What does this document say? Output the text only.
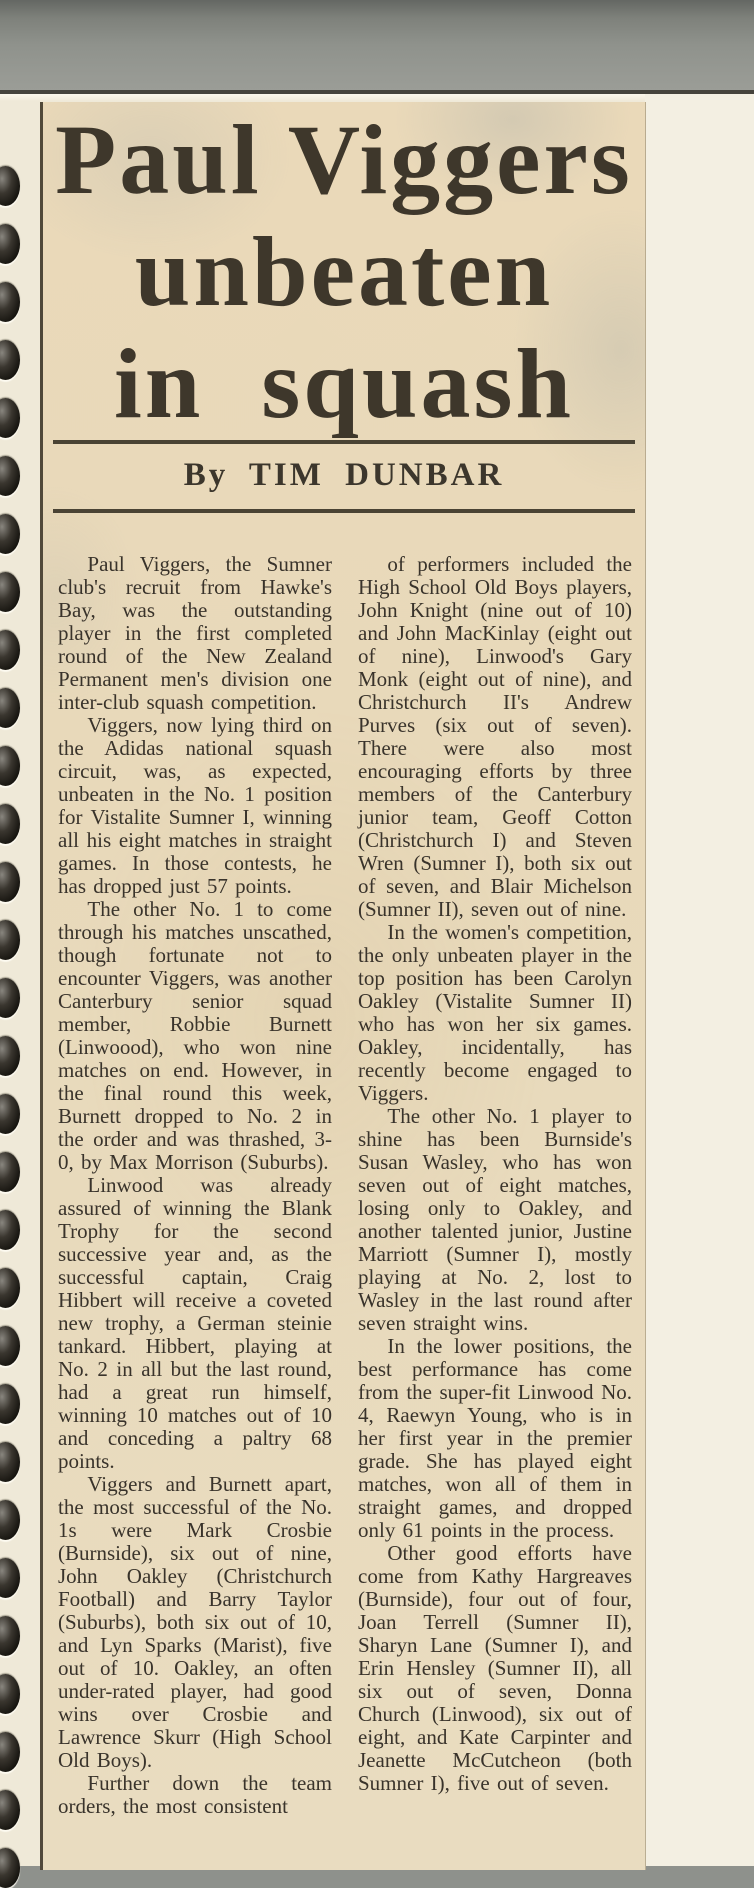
Paul Viggers
unbeaten
in squash
By TIM DUNBAR

Paul Viggers, the Sumner club's recruit from Hawke's Bay, was the outstanding player in the first completed round of the New Zealand Permanent men's division one inter-club squash competition.

Viggers, now lying third on the Adidas national squash circuit, was, as expected, unbeaten in the No. 1 position for Vistalite Sumner I, winning all his eight matches in straight games. In those contests, he has dropped just 57 points.

The other No. 1 to come through his matches unscathed, though fortunate not to encounter Viggers, was another Canterbury senior squad member, Robbie Burnett (Linwoood), who won nine matches on end. However, in the final round this week, Burnett dropped to No. 2 in the order and was thrashed, 3-0, by Max Morrison (Suburbs).

Linwood was already assured of winning the Blank Trophy for the second successive year and, as the successful captain, Craig Hibbert will receive a coveted new trophy, a German steinie tankard. Hibbert, playing at No. 2 in all but the last round, had a great run himself, winning 10 matches out of 10 and conceding a paltry 68 points.

Viggers and Burnett apart, the most successful of the No. 1s were Mark Crosbie (Burnside), six out of nine, John Oakley (Christchurch Football) and Barry Taylor (Suburbs), both six out of 10, and Lyn Sparks (Marist), five out of 10. Oakley, an often under-rated player, had good wins over Crosbie and Lawrence Skurr (High School Old Boys).

Further down the team orders, the most consistent

of performers included the High School Old Boys players, John Knight (nine out of 10) and John MacKinlay (eight out of nine), Linwood's Gary Monk (eight out of nine), and Christchurch II's Andrew Purves (six out of seven). There were also most encouraging efforts by three members of the Canterbury junior team, Geoff Cotton (Christchurch I) and Steven Wren (Sumner I), both six out of seven, and Blair Michelson (Sumner II), seven out of nine.

In the women's competition, the only unbeaten player in the top position has been Carolyn Oakley (Vistalite Sumner II) who has won her six games. Oakley, incidentally, has recently become engaged to Viggers.

The other No. 1 player to shine has been Burnside's Susan Wasley, who has won seven out of eight matches, losing only to Oakley, and another talented junior, Justine Marriott (Sumner I), mostly playing at No. 2, lost to Wasley in the last round after seven straight wins.

In the lower positions, the best performance has come from the super-fit Linwood No. 4, Raewyn Young, who is in her first year in the premier grade. She has played eight matches, won all of them in straight games, and dropped only 61 points in the process.

Other good efforts have come from Kathy Hargreaves (Burnside), four out of four, Joan Terrell (Sumner II), Sharyn Lane (Sumner I), and Erin Hensley (Sumner II), all six out of seven, Donna Church (Linwood), six out of eight, and Kate Carpinter and Jeanette McCutcheon (both Sumner I), five out of seven.
